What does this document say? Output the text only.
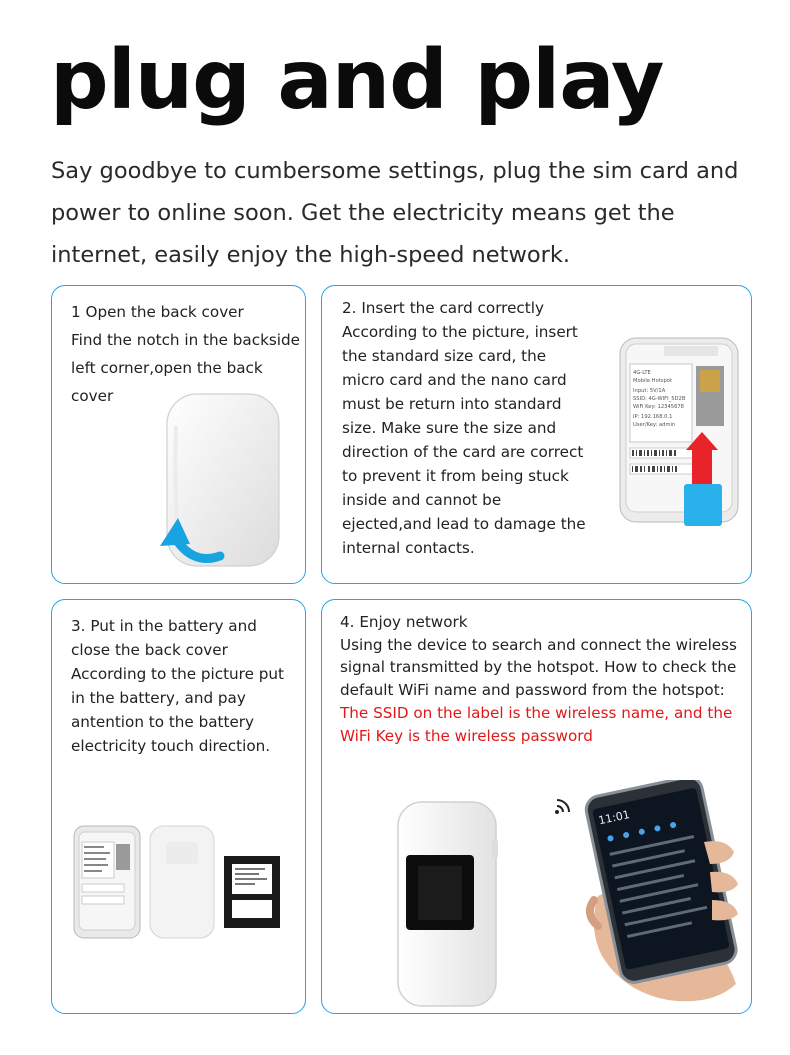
plug and play
Say goodbye to cumbersome settings, plug the sim card and power to online soon. Get the electricity means get the internet, easily enjoy the high-speed network.
1 Open the back cover
Find the notch in the backside left corner,open the back cover
2. Insert the card correctly
According to the picture, insert the standard size card, the micro card and the nano card must be return into standard size. Make sure the size and direction of the card are correct to prevent it from being stuck inside and cannot be ejected,and lead to damage the internal contacts.
4G-LTE
Mobile Hotspot
Input: 5V/1A
SSID: 4G-WIFI_5D2B
WiFi Key: 12345678
IP: 192.168.0.1
User/Key: admin
3. Put in the battery and close the back cover
According to the picture put in the battery, and pay antention to the battery electricity touch direction.
4. Enjoy network
Using the device to search and connect the wireless signal transmitted by the hotspot. How to check the default WiFi name and password from the hotspot:
The SSID on the label is the wireless name, and the WiFi Key is the wireless password
11:01
